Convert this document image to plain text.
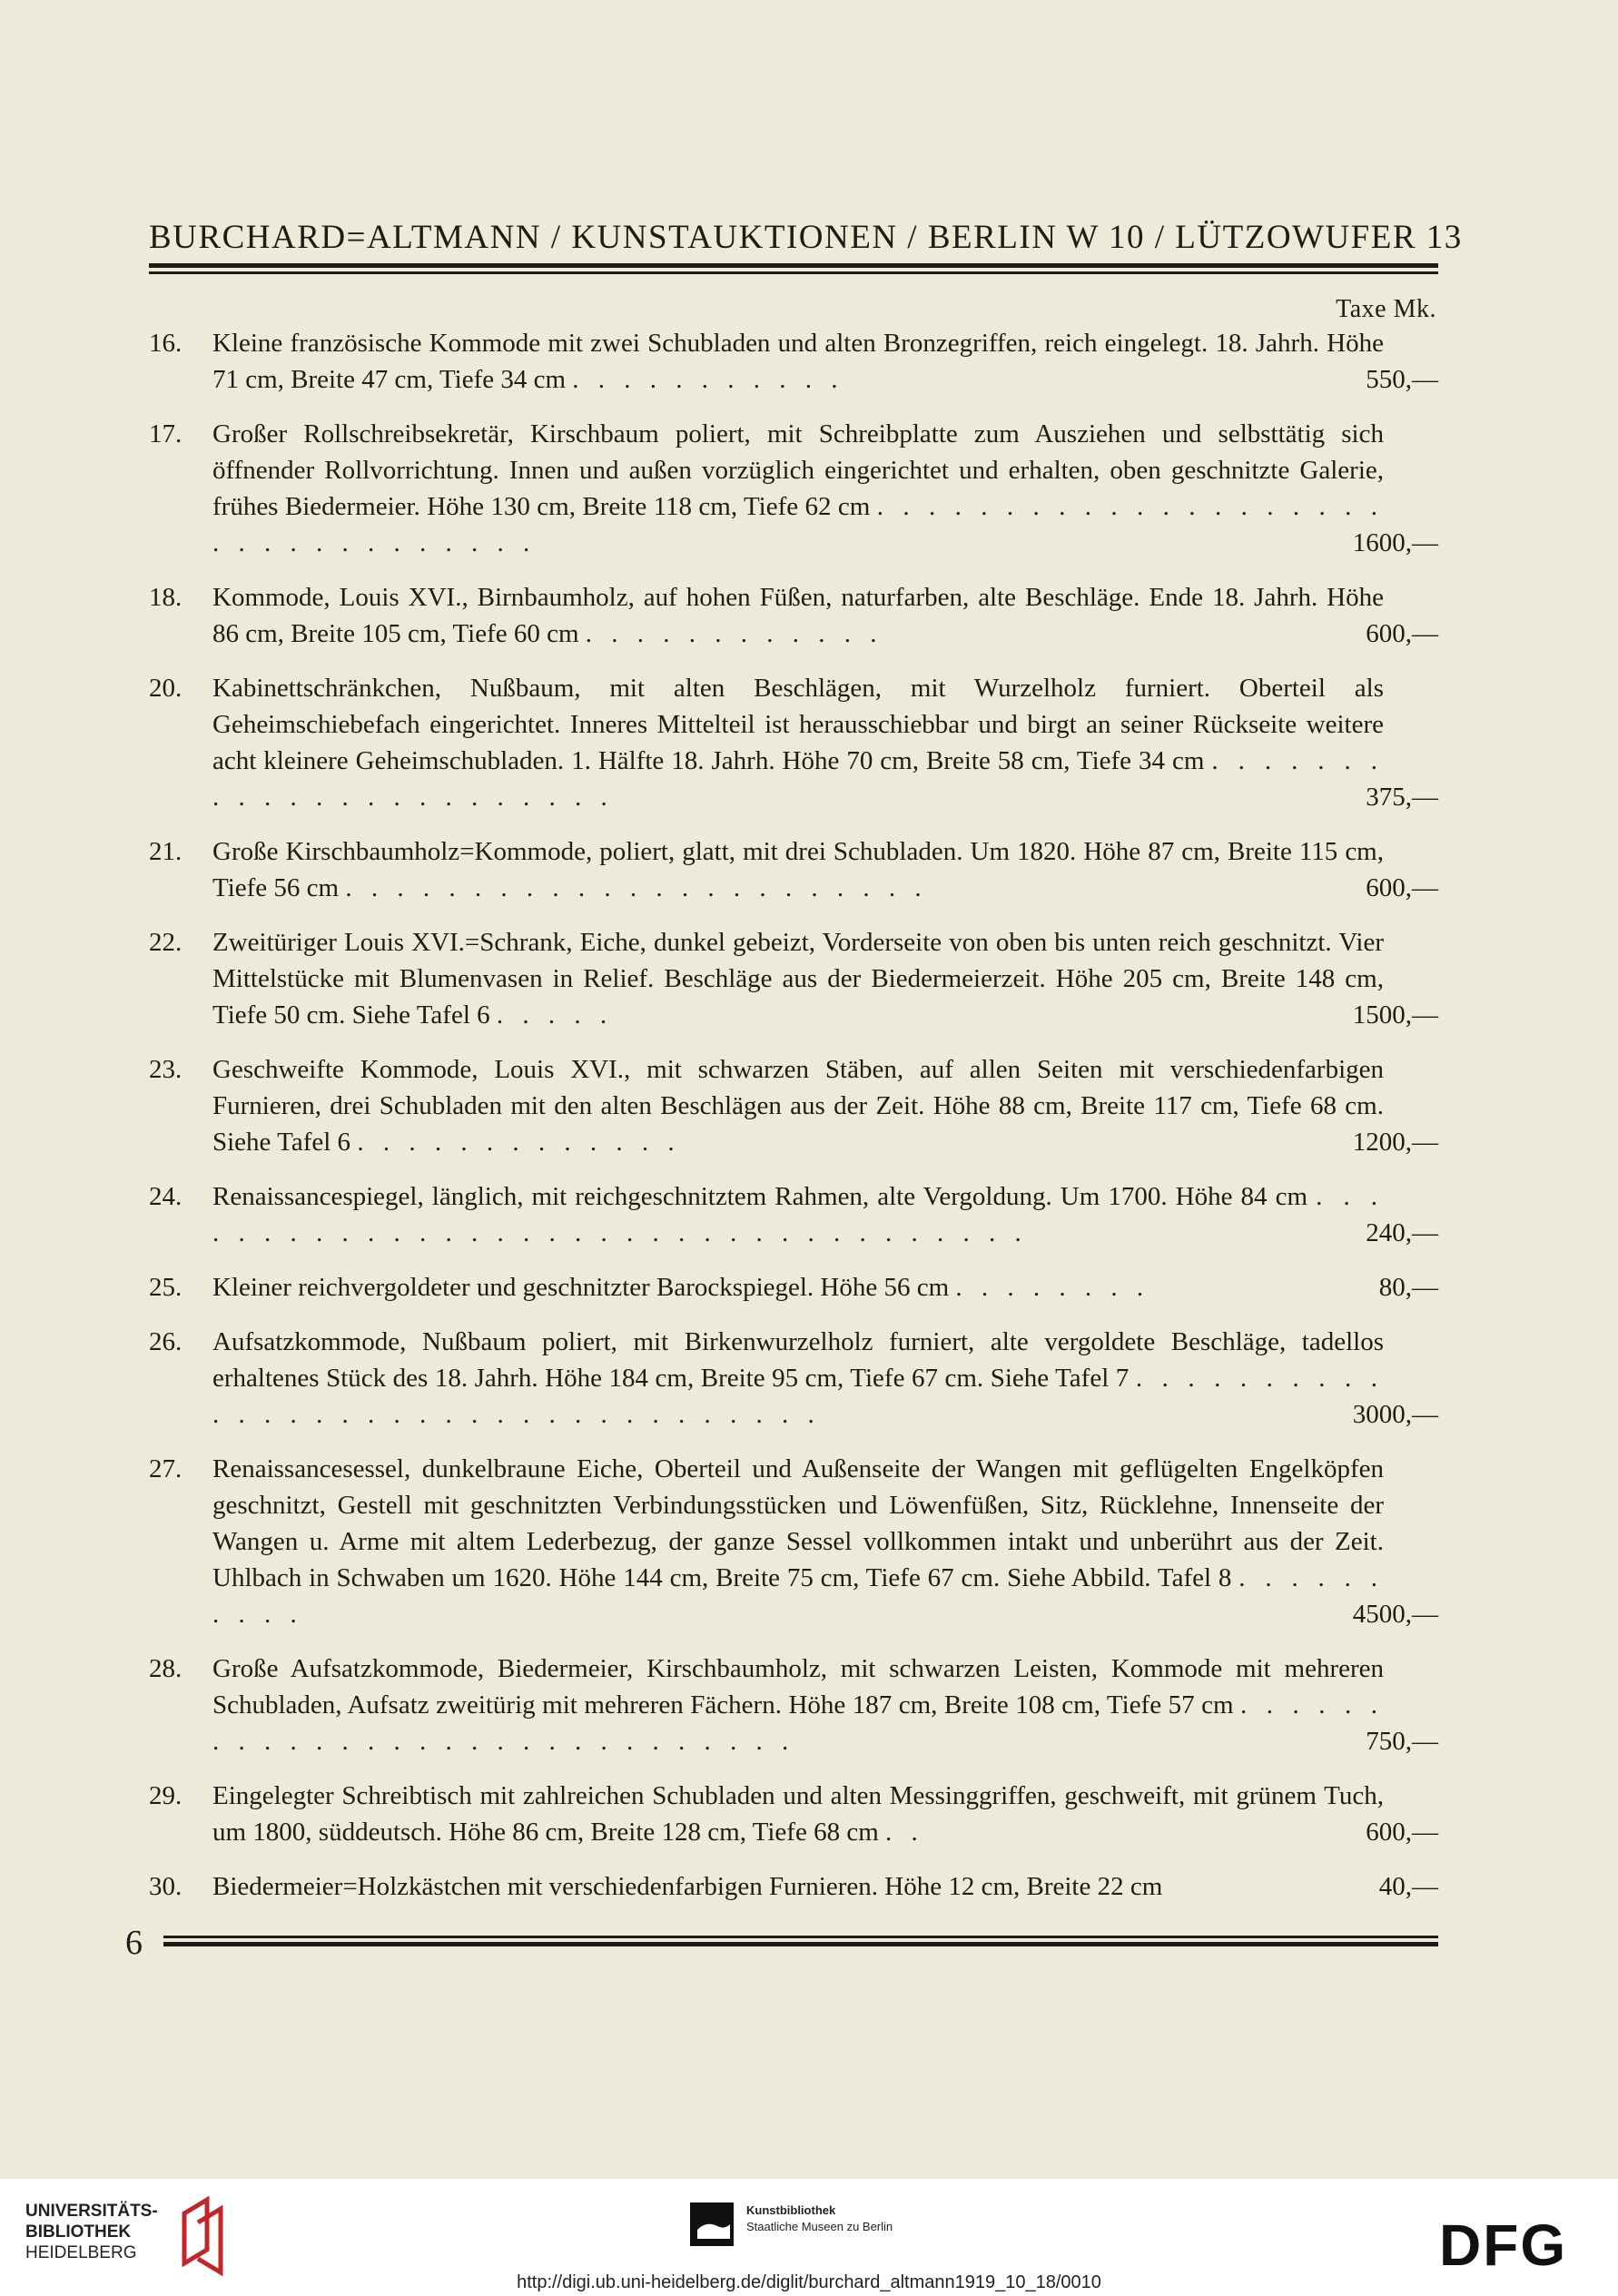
BURCHARD=ALTMANN / KUNSTAUKTIONEN / BERLIN W 10 / LÜTZOWUFER 13
Taxe Mk.
16.	Kleine französische Kommode mit zwei Schubladen und alten Bronzegriffen, reich eingelegt. 18. Jahrh. Höhe 71 cm, Breite 47 cm, Tiefe 34 cm . . . . . . . . . . .	550,—
17.	Großer Rollschreibsekretär, Kirschbaum poliert, mit Schreibplatte zum Ausziehen und selbsttätig sich öffnender Rollvorrichtung. Innen und außen vorzüglich eingerichtet und erhalten, oben geschnitzte Galerie, frühes Biedermeier. Höhe 130 cm, Breite 118 cm, Tiefe 62 cm . . . . . . . . . . . . . . . . . . . . . . . . . . . . . . . . .	1600,—
18.	Kommode, Louis XVI., Birnbaumholz, auf hohen Füßen, naturfarben, alte Beschläge. Ende 18. Jahrh. Höhe 86 cm, Breite 105 cm, Tiefe 60 cm . . . . . . . . . . . .	600,—
20.	Kabinettschränkchen, Nußbaum, mit alten Beschlägen, mit Wurzelholz furniert. Oberteil als Geheimschiebefach eingerichtet. Inneres Mittelteil ist herausschiebbar und birgt an seiner Rückseite weitere acht kleinere Geheimschubladen. 1. Hälfte 18. Jahrh. Höhe 70 cm, Breite 58 cm, Tiefe 34 cm . . . . . . . . . . . . . . . . . . . . . . .	375,—
21.	Große Kirschbaumholz=Kommode, poliert, glatt, mit drei Schubladen. Um 1820. Höhe 87 cm, Breite 115 cm, Tiefe 56 cm . . . . . . . . . . . . . . . . . . . . . . .	600,—
22.	Zweitüriger Louis XVI.=Schrank, Eiche, dunkel gebeizt, Vorderseite von oben bis unten reich geschnitzt. Vier Mittelstücke mit Blumenvasen in Relief. Beschläge aus der Biedermeierzeit. Höhe 205 cm, Breite 148 cm, Tiefe 50 cm. Siehe Tafel 6 . . . . .	1500,—
23.	Geschweifte Kommode, Louis XVI., mit schwarzen Stäben, auf allen Seiten mit verschiedenfarbigen Furnieren, drei Schubladen mit den alten Beschlägen aus der Zeit. Höhe 88 cm, Breite 117 cm, Tiefe 68 cm. Siehe Tafel 6 . . . . . . . . . . . . .	1200,—
24.	Renaissancespiegel, länglich, mit reichgeschnitztem Rahmen, alte Vergoldung. Um 1700. Höhe 84 cm . . . . . . . . . . . . . . . . . . . . . . . . . . . . . . . . . . .	240,—
25.	Kleiner reichvergoldeter und geschnitzter Barockspiegel. Höhe 56 cm . . . . . . . .	80,—
26.	Aufsatzkommode, Nußbaum poliert, mit Birkenwurzelholz furniert, alte vergoldete Beschläge, tadellos erhaltenes Stück des 18. Jahrh. Höhe 184 cm, Breite 95 cm, Tiefe 67 cm. Siehe Tafel 7 . . . . . . . . . . . . . . . . . . . . . . . . . . . . . . . . . .	3000,—
27.	Renaissancesessel, dunkelbraune Eiche, Oberteil und Außenseite der Wangen mit geflügelten Engelköpfen geschnitzt, Gestell mit geschnitzten Verbindungsstücken und Löwenfüßen, Sitz, Rücklehne, Innenseite der Wangen u. Arme mit altem Lederbezug, der ganze Sessel vollkommen intakt und unberührt aus der Zeit. Uhlbach in Schwaben um 1620. Höhe 144 cm, Breite 75 cm, Tiefe 67 cm. Siehe Abbild. Tafel 8 . . . . . . . . . .	4500,—
28.	Große Aufsatzkommode, Biedermeier, Kirschbaumholz, mit schwarzen Leisten, Kommode mit mehreren Schubladen, Aufsatz zweitürig mit mehreren Fächern. Höhe 187 cm, Breite 108 cm, Tiefe 57 cm . . . . . . . . . . . . . . . . . . . . . . . . . . . . .	750,—
29.	Eingelegter Schreibtisch mit zahlreichen Schubladen und alten Messinggriffen, geschweift, mit grünem Tuch, um 1800, süddeutsch. Höhe 86 cm, Breite 128 cm, Tiefe 68 cm . .	600,—
30.	Biedermeier=Holzkästchen mit verschiedenfarbigen Furnieren. Höhe 12 cm, Breite 22 cm	40,—
6
UNIVERSITÄTS-
BIBLIOTHEK
HEIDELBERG
Kunstbibliothek
Staatliche Museen zu Berlin	DFG
http://digi.ub.uni-heidelberg.de/diglit/burchard_altmann1919_10_18/0010
